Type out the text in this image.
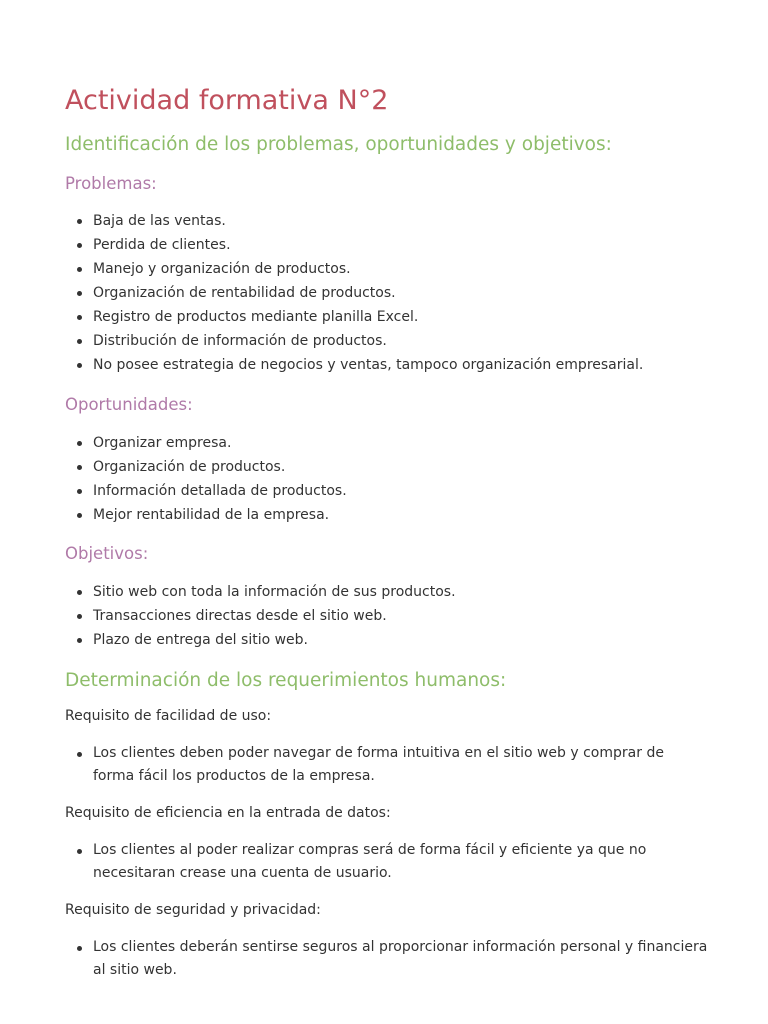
Actividad formativa N°2
Identificación de los problemas, oportunidades y objetivos:
Problemas:
Baja de las ventas.
Perdida de clientes.
Manejo y organización de productos.
Organización de rentabilidad de productos.
Registro de productos mediante planilla Excel.
Distribución de información de productos.
No posee estrategia de negocios y ventas, tampoco organización empresarial.
Oportunidades:
Organizar empresa.
Organización de productos.
Información detallada de productos.
Mejor rentabilidad de la empresa.
Objetivos:
Sitio web con toda la información de sus productos.
Transacciones directas desde el sitio web.
Plazo de entrega del sitio web.
Determinación de los requerimientos humanos:

Requisito de facilidad de uso:

Los clientes deben poder navegar de forma intuitiva en el sitio web y comprar de forma fácil los productos de la empresa.

Requisito de eficiencia en la entrada de datos:

Los clientes al poder realizar compras será de forma fácil y eficiente ya que no necesitaran crease una cuenta de usuario.

Requisito de seguridad y privacidad:

Los clientes deberán sentirse seguros al proporcionar información personal y financiera al sitio web.
